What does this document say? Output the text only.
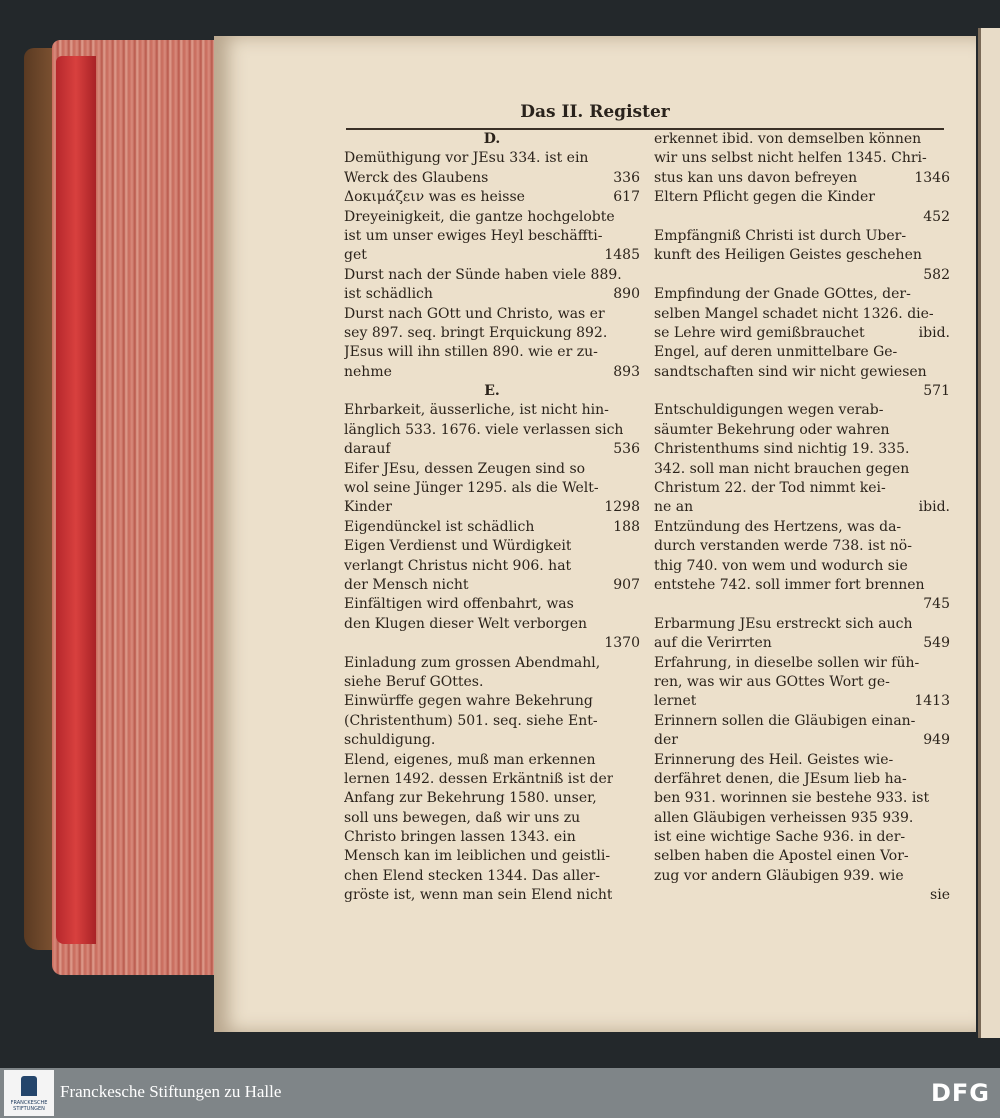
Das II. Register
D.
Demüthigung vor JEsu 334. ist ein
Werck des Glaubens	336
Δοκιμάζειν was es heisse	617
Dreyeinigkeit, die gantze hochgelobte
ist um unser ewiges Heyl beschäffti-
get	1485
Durst nach der Sünde haben viele 889.
ist schädlich	890
Durst nach GOtt und Christo, was er
sey 897. seq. bringt Erquickung 892.
JEsus will ihn stillen 890. wie er zu-
nehme	893
E.
Ehrbarkeit, äusserliche, ist nicht hin-
länglich 533. 1676. viele verlassen sich
darauf	536
Eifer JEsu, dessen Zeugen sind so
wol seine Jünger 1295. als die Welt-
Kinder	1298
Eigendünckel ist schädlich	188
Eigen Verdienst und Würdigkeit
verlangt Christus nicht 906. hat
der Mensch nicht	907
Einfältigen wird offenbahrt, was
den Klugen dieser Welt verborgen
1370
Einladung zum grossen Abendmahl,
siehe Beruf GOttes.
Einwürffe gegen wahre Bekehrung
(Christenthum) 501. seq. siehe Ent-
schuldigung.
Elend, eigenes, muß man erkennen
lernen 1492. dessen Erkäntniß ist der
Anfang zur Bekehrung 1580. unser,
soll uns bewegen, daß wir uns zu
Christo bringen lassen 1343. ein
Mensch kan im leiblichen und geistli-
chen Elend stecken 1344. Das aller-
gröste ist, wenn man sein Elend nicht
erkennet ibid. von demselben können
wir uns selbst nicht helfen 1345. Chri-
stus kan uns davon befreyen	1346
Eltern Pflicht gegen die Kinder
452
Empfängniß Christi ist durch Uber-
kunft des Heiligen Geistes geschehen
582
Empfindung der Gnade GOttes, der-
selben Mangel schadet nicht 1326. die-
se Lehre wird gemißbrauchet	ibid.
Engel, auf deren unmittelbare Ge-
sandtschaften sind wir nicht gewiesen
571
Entschuldigungen wegen verab-
säumter Bekehrung oder wahren
Christenthums sind nichtig 19. 335.
342. soll man nicht brauchen gegen
Christum 22. der Tod nimmt kei-
ne an	ibid.
Entzündung des Hertzens, was da-
durch verstanden werde 738. ist nö-
thig 740. von wem und wodurch sie
entstehe 742. soll immer fort brennen
745
Erbarmung JEsu erstreckt sich auch
auf die Verirrten	549
Erfahrung, in dieselbe sollen wir füh-
ren, was wir aus GOttes Wort ge-
lernet	1413
Erinnern sollen die Gläubigen einan-
der	949
Erinnerung des Heil. Geistes wie-
derfähret denen, die JEsum lieb ha-
ben 931. worinnen sie bestehe 933. ist
allen Gläubigen verheissen 935 939.
ist eine wichtige Sache 936. in der-
selben haben die Apostel einen Vor-
zug vor andern Gläubigen 939. wie
sie
FRANCKESCHE STIFTUNGEN
Franckesche Stiftungen zu Halle	DFG
